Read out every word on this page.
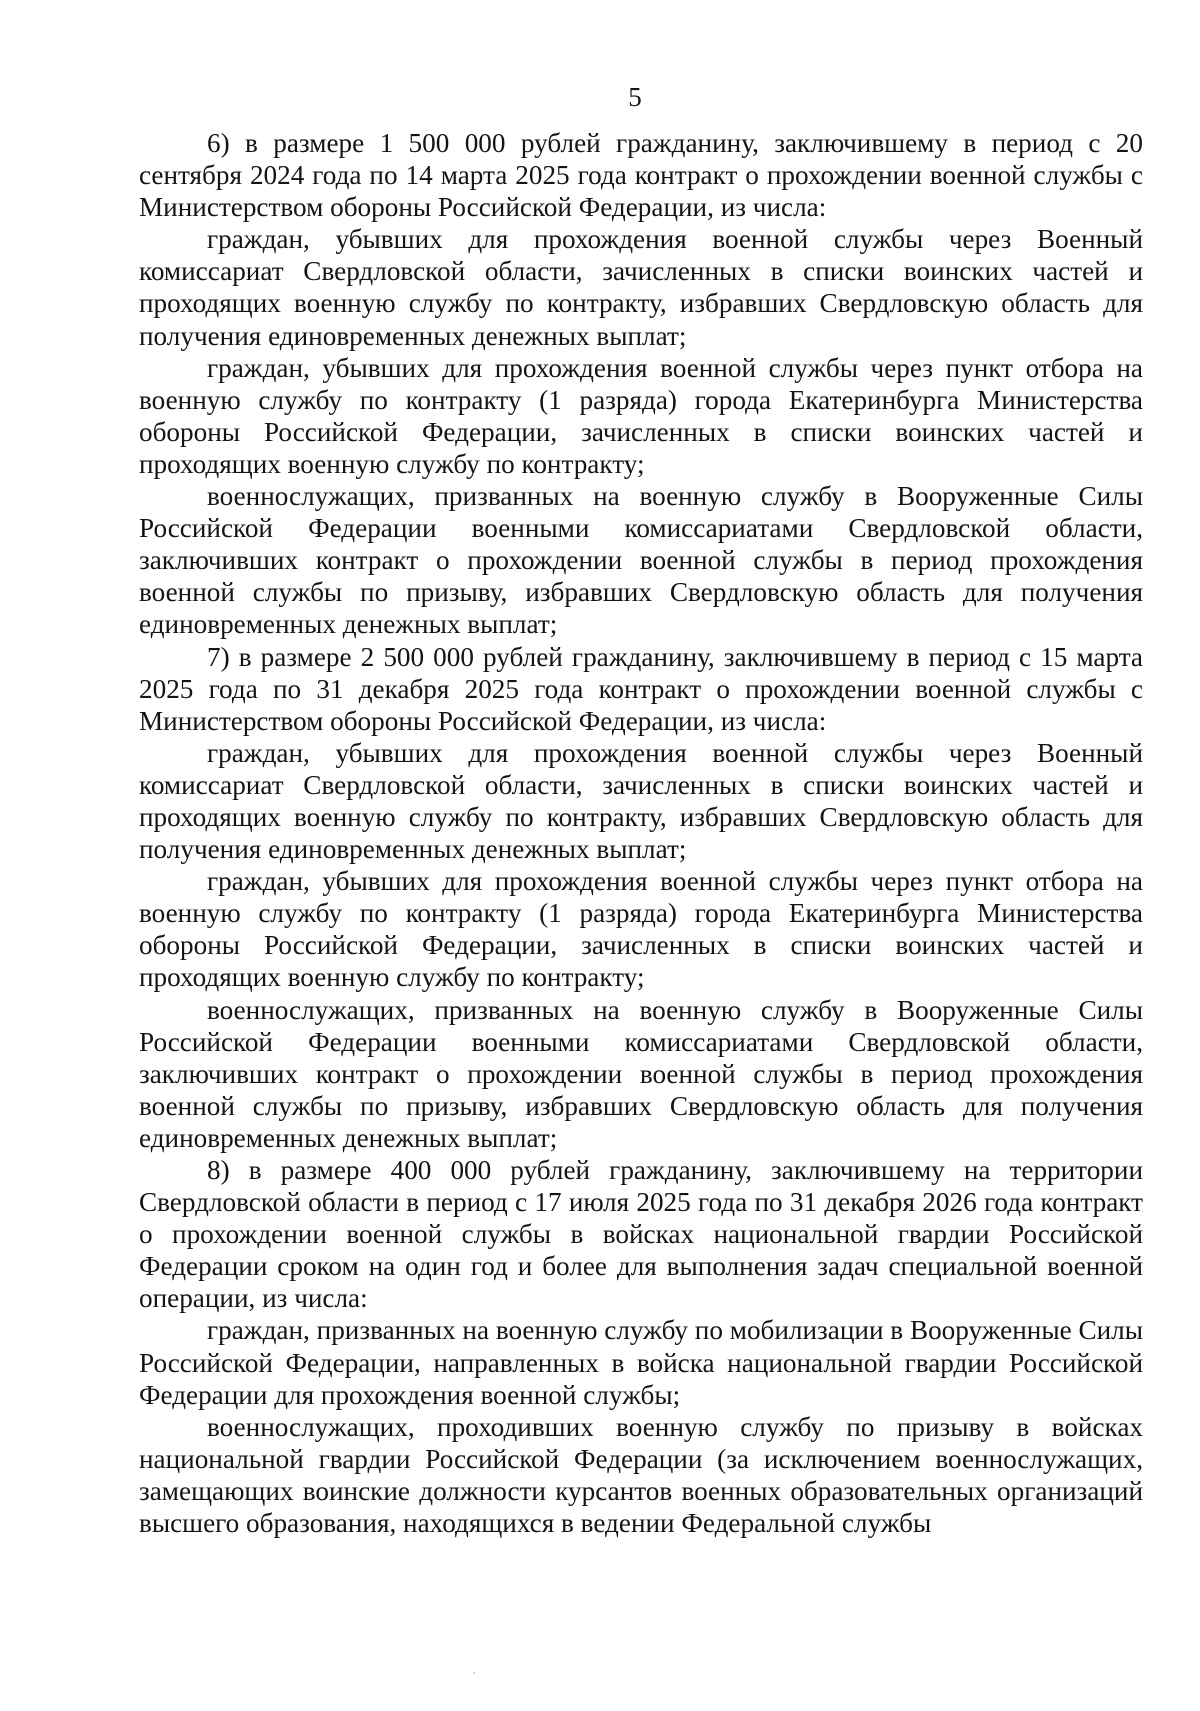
5

6) в размере 1 500 000 рублей гражданину, заключившему в период с 20 сентября 2024 года по 14 марта 2025 года контракт о прохождении военной службы с Министерством обороны Российской Федерации, из числа:

граждан, убывших для прохождения военной службы через Военный комиссариат Свердловской области, зачисленных в списки воинских частей и проходящих военную службу по контракту, избравших Свердловскую область для получения единовременных денежных выплат;

граждан, убывших для прохождения военной службы через пункт отбора на военную службу по контракту (1 разряда) города Екатеринбурга Министерства обороны Российской Федерации, зачисленных в списки воинских частей и проходящих военную службу по контракту;

военнослужащих, призванных на военную службу в Вооруженные Силы Российской Федерации военными комиссариатами Свердловской области, заключивших контракт о прохождении военной службы в период прохождения военной службы по призыву, избравших Свердловскую область для получения единовременных денежных выплат;

7) в размере 2 500 000 рублей гражданину, заключившему в период с 15 марта 2025 года по 31 декабря 2025 года контракт о прохождении военной службы с Министерством обороны Российской Федерации, из числа:

граждан, убывших для прохождения военной службы через Военный комиссариат Свердловской области, зачисленных в списки воинских частей и проходящих военную службу по контракту, избравших Свердловскую область для получения единовременных денежных выплат;

граждан, убывших для прохождения военной службы через пункт отбора на военную службу по контракту (1 разряда) города Екатеринбурга Министерства обороны Российской Федерации, зачисленных в списки воинских частей и проходящих военную службу по контракту;

военнослужащих, призванных на военную службу в Вооруженные Силы Российской Федерации военными комиссариатами Свердловской области, заключивших контракт о прохождении военной службы в период прохождения военной службы по призыву, избравших Свердловскую область для получения единовременных денежных выплат;

8) в размере 400 000 рублей гражданину, заключившему на территории Свердловской области в период с 17 июля 2025 года по 31 декабря 2026 года контракт о прохождении военной службы в войсках национальной гвардии Российской Федерации сроком на один год и более для выполнения задач специальной военной операции, из числа:

граждан, призванных на военную службу по мобилизации в Вооруженные Силы Российской Федерации, направленных в войска национальной гвардии Российской Федерации для прохождения военной службы;

военнослужащих, проходивших военную службу по призыву в войсках национальной гвардии Российской Федерации (за исключением военнослужащих, замещающих воинские должности курсантов военных образовательных организаций высшего образования, находящихся в ведении Федеральной службы
